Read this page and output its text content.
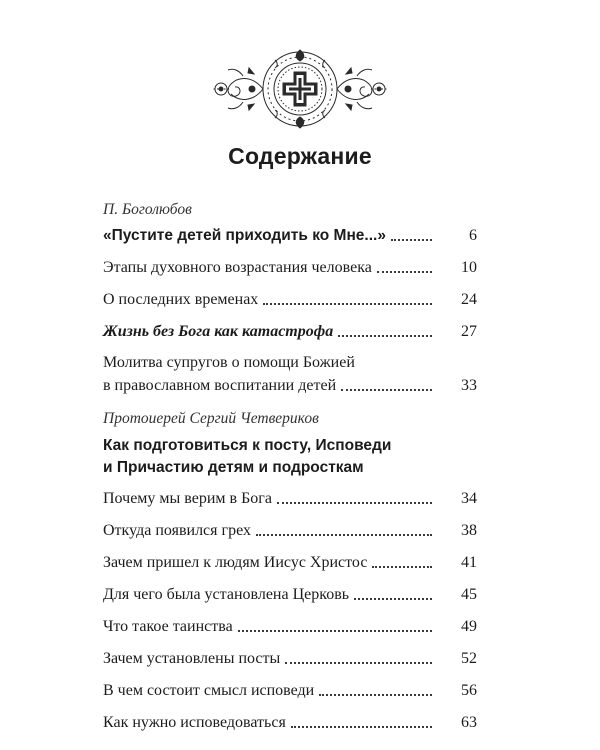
Содержание
П. Боголюбов
«Пустите детей приходить ко Мне...»	6
Этапы духовного возрастания человека	10
О последних временах	24
Жизнь без Бога как катастрофа	27
Молитва супругов о помощи Божией
в православном воспитании детей	33
Протоиерей Сергий Четвериков
Как подготовиться к посту, Исповеди
и Причастию детям и подросткам
Почему мы верим в Бога	34
Откуда появился грех	38
Зачем пришел к людям Иисус Христос	41
Для чего была установлена Церковь	45
Что такое таинства	49
Зачем установлены посты	52
В чем состоит смысл исповеди	56
Как нужно исповедоваться	63
